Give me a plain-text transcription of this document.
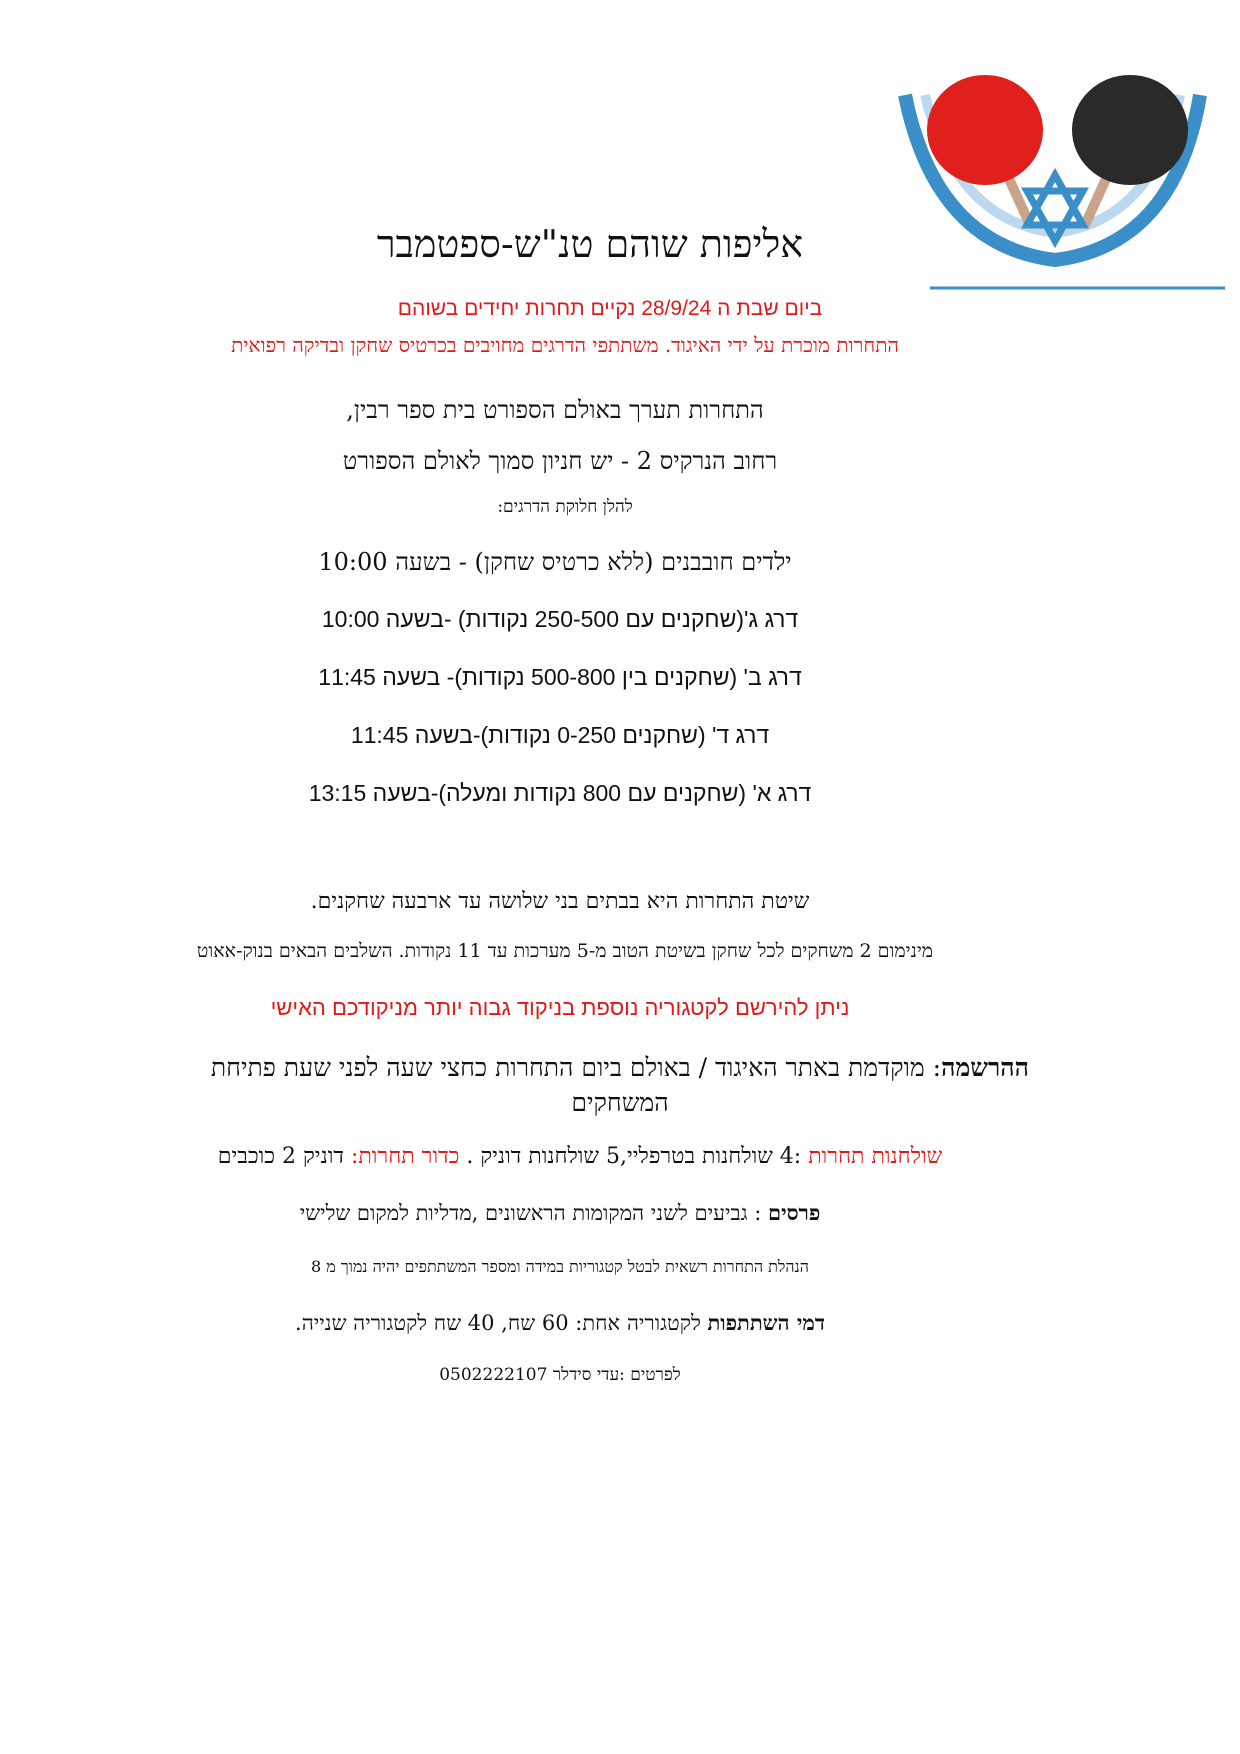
אליפות שוהם טנ"ש-ספטמבר
ביום שבת ה 28/9/24 נקיים תחרות יחידים בשוהם
התחרות מוכרת על ידי האיגוד. משתתפי הדרגים מחויבים בכרטיס שחקן ובדיקה רפואית
התחרות תערך באולם הספורט בית ספר רבין,
רחוב הנרקיס 2 - יש חניון סמוך לאולם הספורט
להלן חלוקת הדרגים:
ילדים חובבנים (ללא כרטיס שחקן) - בשעה 10:00
דרג ג'(שחקנים עם 250-500 נקודות) -בשעה 10:00
דרג ב' (שחקנים בין 500-800 נקודות)- בשעה 11:45
דרג ד' (שחקנים 0-250 נקודות)-בשעה 11:45
דרג א' (שחקנים עם 800 נקודות ומעלה)-בשעה 13:15
שיטת התחרות היא בבתים בני שלושה עד ארבעה שחקנים.
מינימום 2 משחקים לכל שחקן בשיטת הטוב מ-5 מערכות עד 11 נקודות. השלבים הבאים בנוק-אאוט
ניתן להירשם לקטגוריה נוספת בניקוד גבוה יותר מניקודכם האישי
ההרשמה: מוקדמת באתר האיגוד / באולם ביום התחרות כחצי שעה לפני שעת פתיחת המשחקים
שולחנות תחרות :4 שולחנות בטרפליי,5 שולחנות דוניק . כדור תחרות: דוניק 2 כוכבים
פרסים : גביעים לשני המקומות הראשונים ,מדליות למקום שלישי
הנהלת התחרות רשאית לבטל קטגוריות במידה ומספר המשתתפים יהיה נמוך מ 8
דמי השתתפות לקטגוריה אחת: 60 שח, 40 שח לקטגוריה שנייה.
לפרטים :עדי סידלר 0502222107
